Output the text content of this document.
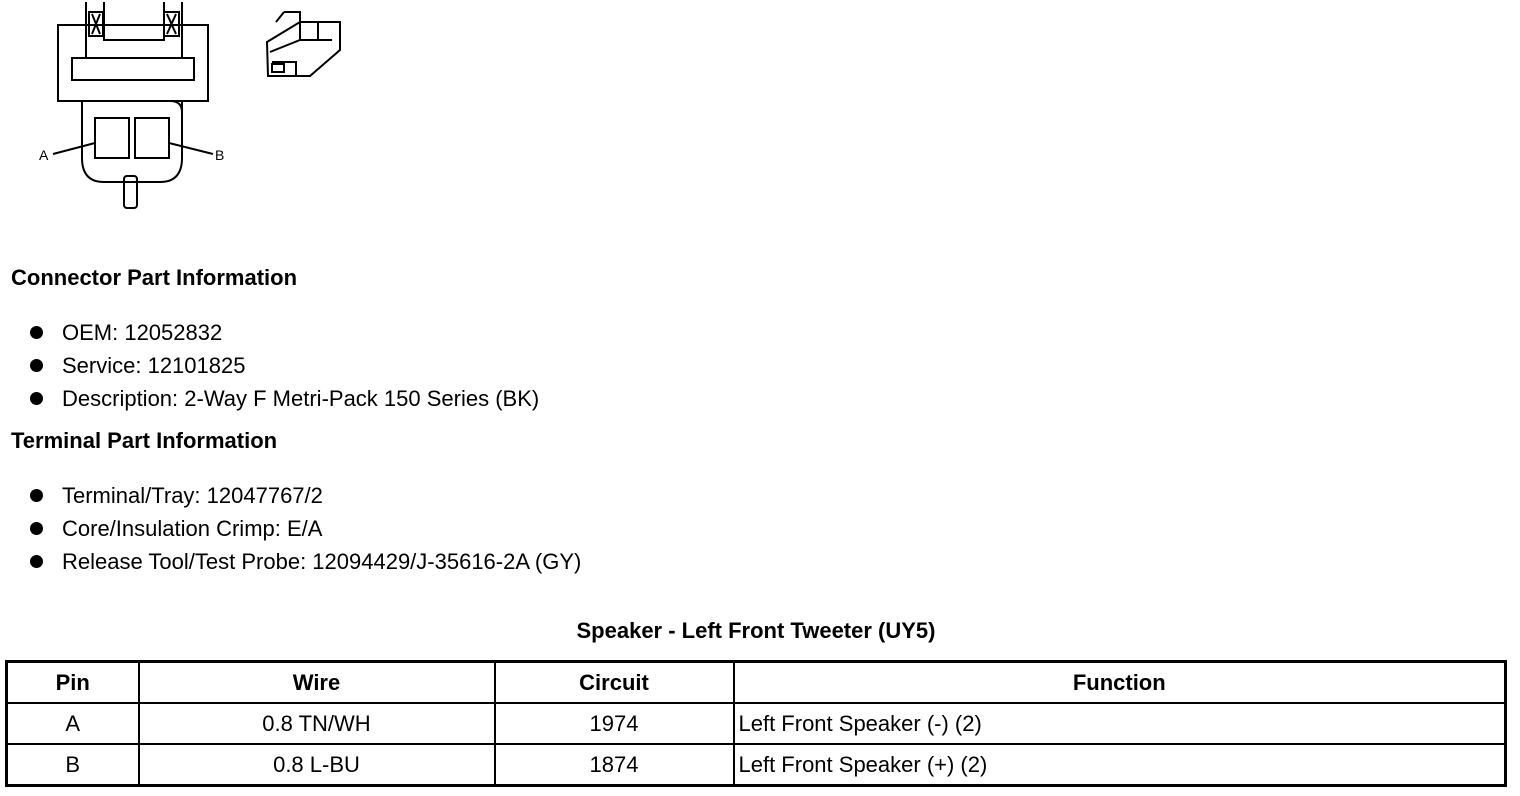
A	B
Connector Part Information
OEM: 12052832
Service: 12101825
Description: 2-Way F Metri-Pack 150 Series (BK)
Terminal Part Information
Terminal/Tray: 12047767/2
Core/Insulation Crimp: E/A
Release Tool/Test Probe: 12094429/J-35616-2A (GY)
Speaker - Left Front Tweeter (UY5)
Pin	Wire	Circuit	Function
A	0.8 TN/WH	1974	Left Front Speaker (-) (2)
B	0.8 L-BU	1874	Left Front Speaker (+) (2)
